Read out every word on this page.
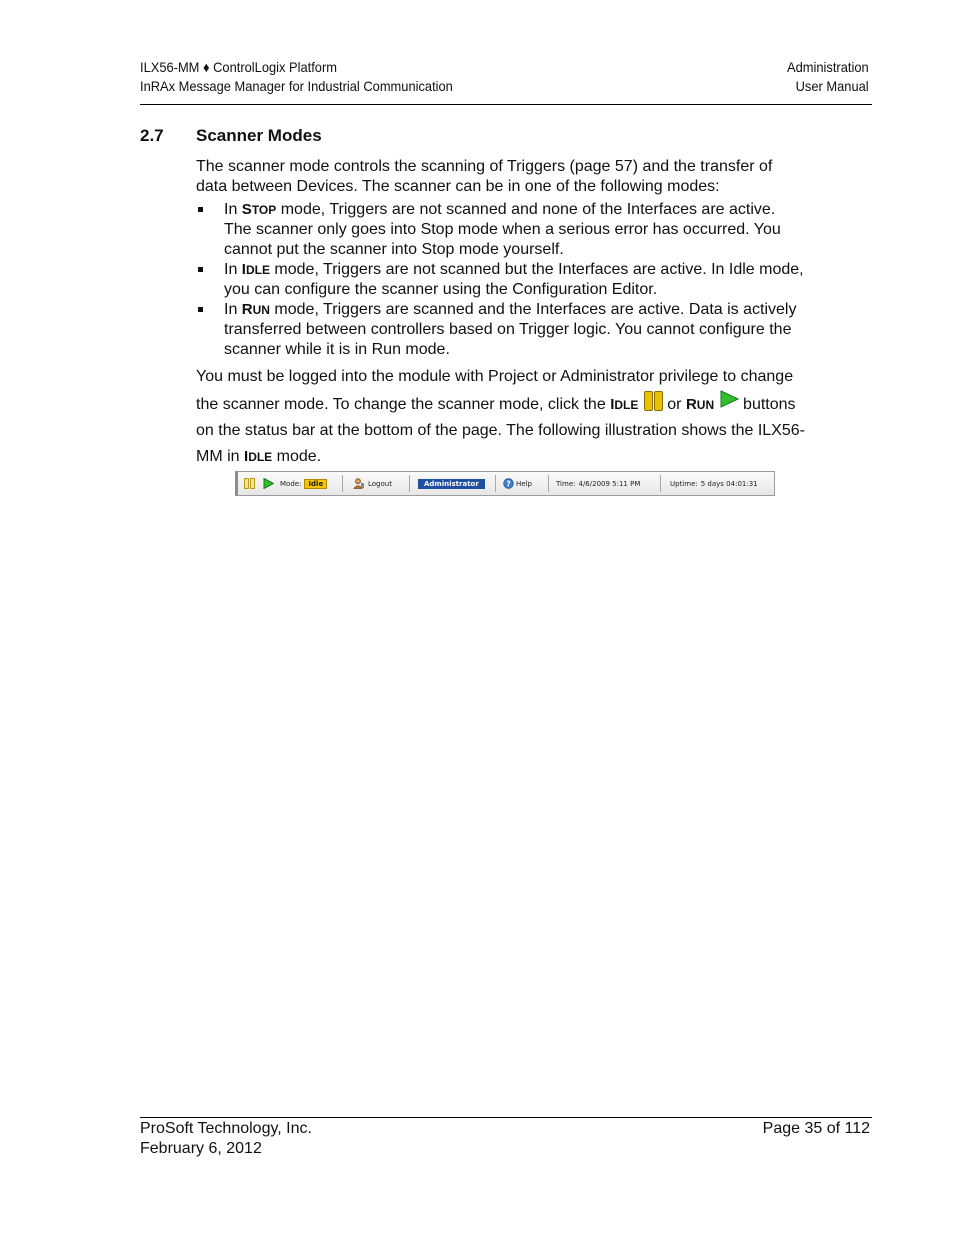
ILX56-MM ♦ ControlLogix Platform
InRAx Message Manager for Industrial Communication
Administration
User Manual
2.7 Scanner Modes

The scanner mode controls the scanning of Triggers (page 57) and the transfer of data between Devices. The scanner can be in one of the following modes:

In STOP mode, Triggers are not scanned and none of the Interfaces are active. The scanner only goes into Stop mode when a serious error has occurred. You cannot put the scanner into Stop mode yourself.
In IDLE mode, Triggers are not scanned but the Interfaces are active. In Idle mode, you can configure the scanner using the Configuration Editor.
In RUN mode, Triggers are scanned and the Interfaces are active. Data is actively transferred between controllers based on Trigger logic. You cannot configure the scanner while it is in Run mode.

You must be logged into the module with Project or Administrator privilege to change the scanner mode. To change the scanner mode, click the IDLE or RUN buttons on the status bar at the bottom of the page. The following illustration shows the ILX56-MM in IDLE mode.

Mode:	Idle	Logout	Administrator	? Help	Time: 4/6/2009 5:11 PM	Uptime: 5 days 04:01:31
ProSoft Technology, Inc.
February 6, 2012
Page 35 of 112
